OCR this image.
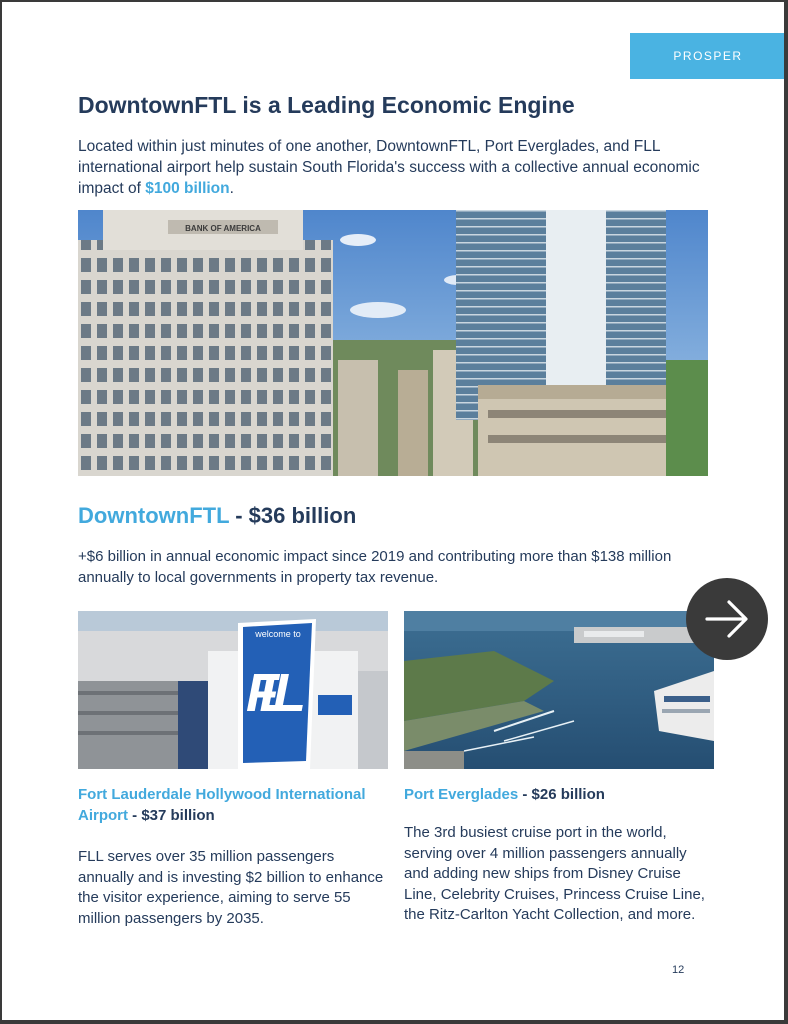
PROSPER
DowntownFTL is a Leading Economic Engine
Located within just minutes of one another, DowntownFTL, Port Everglades, and FLL international airport help sustain South Florida's success with a collective annual economic impact of $100 billion.
BANK OF AMERICA
DowntownFTL - $36 billion
+$6 billion in annual economic impact since 2019 and contributing more than $138 million annually to local governments in property tax revenue.
welcome to
FLL
Fort Lauderdale Hollywood International Airport - $37 billion
FLL serves over 35 million passengers annually and is investing $2 billion to enhance the visitor experience, aiming to serve 55 million passengers by 2035.
Port Everglades - $26 billion
The 3rd busiest cruise port in the world, serving over 4 million passengers annually and adding new ships from Disney Cruise Line, Celebrity Cruises, Princess Cruise Line, the Ritz-Carlton Yacht Collection, and more.
12
